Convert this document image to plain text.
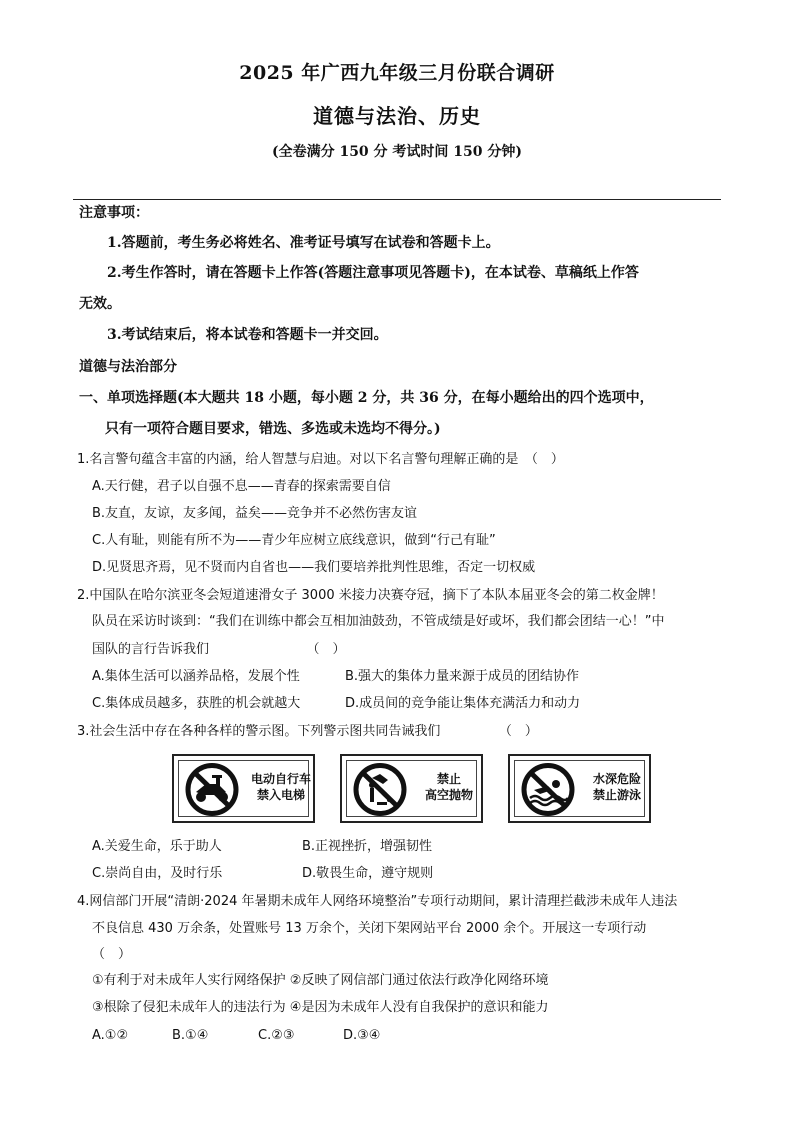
2025 年广西九年级三月份联合调研
道德与法治、历史
(全卷满分 150 分 考试时间 150 分钟)
注意事项：
1.答题前，考生务必将姓名、准考证号填写在试卷和答题卡上。
2.考生作答时，请在答题卡上作答(答题注意事项见答题卡)，在本试卷、草稿纸上作答
无效。
3.考试结束后，将本试卷和答题卡一并交回。
道德与法治部分
一、单项选择题(本大题共 18 小题，每小题 2 分，共 36 分，在每小题给出的四个选项中，
只有一项符合题目要求，错选、多选或未选均不得分。)
1.名言警句蕴含丰富的内涵，给人智慧与启迪。对以下名言警句理解正确的是　（　）
A.天行健，君子以自强不息——青春的探索需要自信
B.友直，友谅，友多闻，益矣——竞争并不必然伤害友谊
C.人有耻，则能有所不为——青少年应树立底线意识，做到“行己有耻”
D.见贤思齐焉，见不贤而内自省也——我们要培养批判性思维，否定一切权威
2.中国队在哈尔滨亚冬会短道速滑女子 3000 米接力决赛夺冠，摘下了本队本届亚冬会的第二枚金牌！
队员在采访时谈到：“我们在训练中都会互相加油鼓劲，不管成绩是好或坏，我们都会团结一心！”中
国队的言行告诉我们　　　　　　　　（　）
A.集体生活可以涵养品格，发展个性	B.强大的集体力量来源于成员的团结协作
C.集体成员越多，获胜的机会就越大	D.成员间的竞争能让集体充满活力和动力
3.社会生活中存在各种各样的警示图。下列警示图共同告诫我们　　　　　（　）
电动自行车
禁入电梯
禁止
高空抛物
水深危险
禁止游泳
A.关爱生命，乐于助人	B.正视挫折，增强韧性
C.崇尚自由，及时行乐	D.敬畏生命，遵守规则
4.网信部门开展“清朗·2024 年暑期未成年人网络环境整治”专项行动期间，累计清理拦截涉未成年人违法
不良信息 430 万余条，处置账号 13 万余个，关闭下架网站平台 2000 余个。开展这一专项行动
（　）
①有利于对未成年人实行网络保护 ②反映了网信部门通过依法行政净化网络环境
③根除了侵犯未成年人的违法行为 ④是因为未成年人没有自我保护的意识和能力
A.①②	B.①④	C.②③	D.③④
